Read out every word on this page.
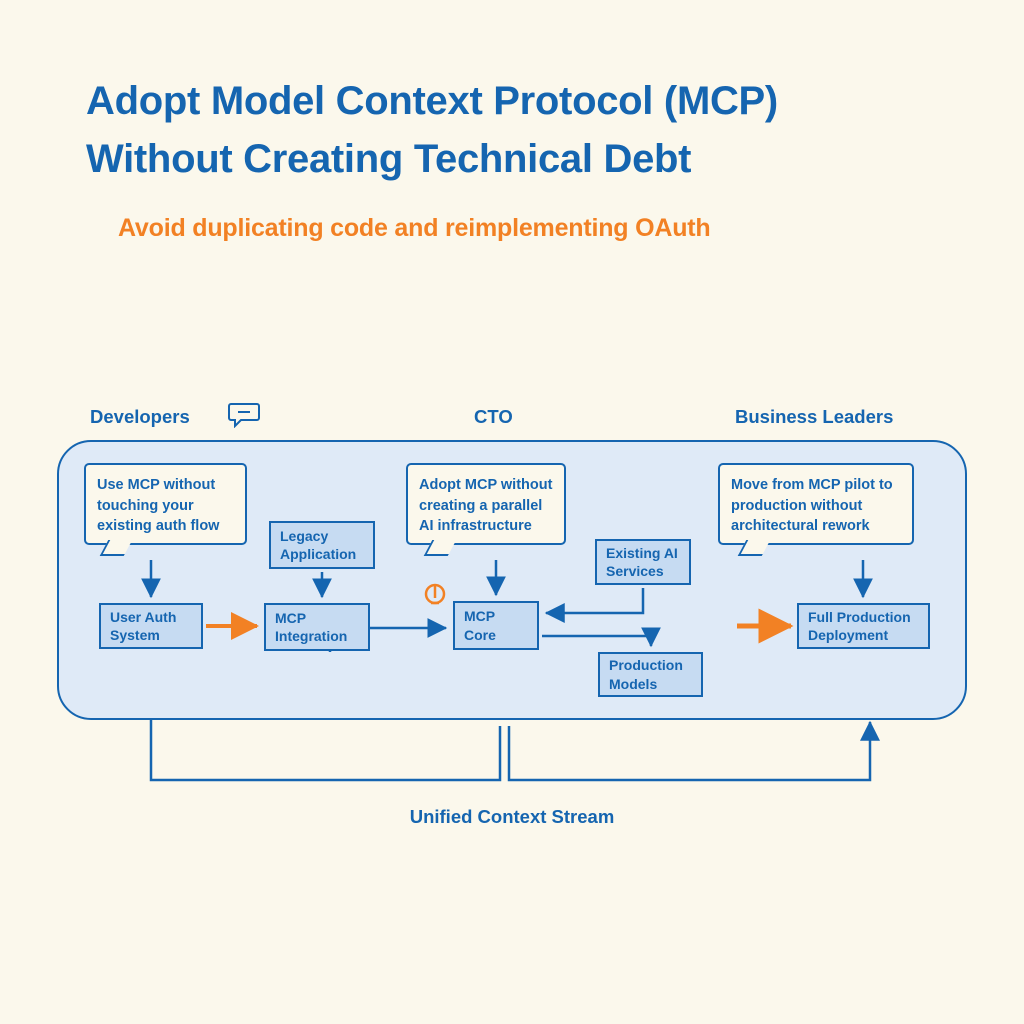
Adopt Model Context Protocol (MCP)
Without Creating Technical Debt
Avoid duplicating code and reimplementing OAuth
Developers	CTO	Business Leaders
Use MCP without touching your existing auth flow
Adopt MCP without creating a parallel AI infrastructure
Move from MCP pilot to production without architectural rework
User Auth System
Legacy Application
MCP Integration
MCP Core
Existing AI Services
Production Models
Full Production Deployment
Unified Context Stream
